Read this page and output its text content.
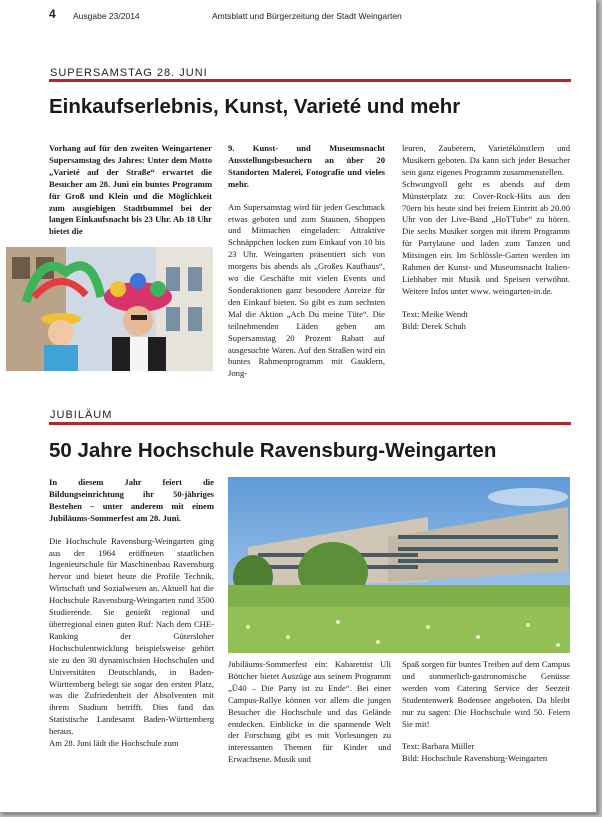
4 Ausgabe 23/2014	Amtsblatt und Bürgerzeitung der Stadt Weingarten
SUPERSAMSTAG 28. JUNI
Einkaufserlebnis, Kunst, Varieté und mehr

Vorhang auf für den zweiten Weingartener Supersamstag des Jahres: Unter dem Motto „Varieté auf der Straße“ erwartet die Besucher am 28. Juni ein buntes Programm für Groß und Klein und die Möglichkeit zum ausgiebigen Stadtbummel bei der langen Einkaufsnacht bis 23 Uhr. Ab 18 Uhr bietet die

9. Kunst- und Museumsnacht Ausstellungsbesuchern an über 20 Standorten Malerei, Fotografie und vieles mehr.

Am Supersamstag wird für jeden Geschmack etwas geboten und zum Staunen, Shoppen und Mitmachen eingeladen: Attraktive Schnäppchen locken zum Einkauf von 10 bis 23 Uhr. Weingarten präsentiert sich von morgens bis abends als „Großes Kaufhaus“, wo die Geschäfte mit vielen Events und Sonderaktionen ganz besondere Anreize für den Einkauf bieten. So gibt es zum sechsten Mal die Aktion „Ach Du meine Tüte“. Die teilnehmenden Läden geben am Supersamstag 20 Prozent Rabatt auf ausgesuchte Waren. Auf den Straßen wird ein buntes Rahmenprogramm mit Gauklern, Jong-

leuren, Zauberern, Varietékünstlern und Musikern geboten. Da kann sich jeder Besucher sein ganz eigenes Programm zusammenstellen.

Schwungvoll geht es abends auf dem Münsterplatz zu: Cover-Rock-Hits aus den 70ern bis heute sind bei freiem Eintritt ab 20.00 Uhr von der Live-Band „HoTTube“ zu hören. Die sechs Musiker sorgen mit ihrem Programm für Partylaune und laden zum Tanzen und Mitsingen ein. Im Schlössle-Garten werden im Rahmen der Kunst- und Museumsnacht Italien-Liebhaber mit Musik und Speisen verwöhnt. Weitere Infos unter www. weingarten-in.de.

Text: Meike Wendt

Bild: Derek Schuh

JUBILÄUM
50 Jahre Hochschule Ravensburg-Weingarten

In diesem Jahr feiert die Bildungseinrichtung ihr 50-jähriges Bestehen – unter anderem mit einem Jubiläums-Sommerfest am 28. Juni.

Die Hochschule Ravensburg-Weingarten ging aus der 1964 eröffneten staatlichen Ingenieurschule für Maschinenbau Ravensburg hervor und bietet heute die Profile Technik, Wirtschaft und Sozialwesen an. Aktuell hat die Hochschule Ravensburg-Weingarten rund 3500 Studierende. Sie genießt regional und überregional einen guten Ruf: Nach dem CHE-Ranking der Gütersloher Hochschulentwicklung beispielsweise gehört sie zu den 30 dynamischsten Hochschulen und Universitäten Deutschlands, in Baden-Württemberg belegt sie sogar den ersten Platz, was die Zufriedenheit der Absolventen mit ihrem Studium betrifft. Dies fand das Statistische Landesamt Baden-Württemberg heraus.

Am 28. Juni lädt die Hochschule zum

Jubiläums-Sommerfest ein: Kabarettist Uli Böttcher bietet Auszüge aus seinem Programm „Ü40 – Die Party ist zu Ende“. Bei einer Campus-Rallye können vor allem die jungen Besucher die Hochschule und das Gelände entdecken. Einblicke in die spannende Welt der Forschung gibt es mit Vorlesungen zu interessanten Themen für Kinder und Erwachsene. Musik und

Spaß sorgen für buntes Treiben auf dem Campus und sommerlich-gastronomische Genüsse werden vom Catering Service der Seezeit Studentenwerk Bodensee angeboten. Da bleibt nur zu sagen: Die Hochschule wird 50. Feiern Sie mit!

Text: Barbara Müller

Bild: Hochschule Ravensburg-Weingarten
